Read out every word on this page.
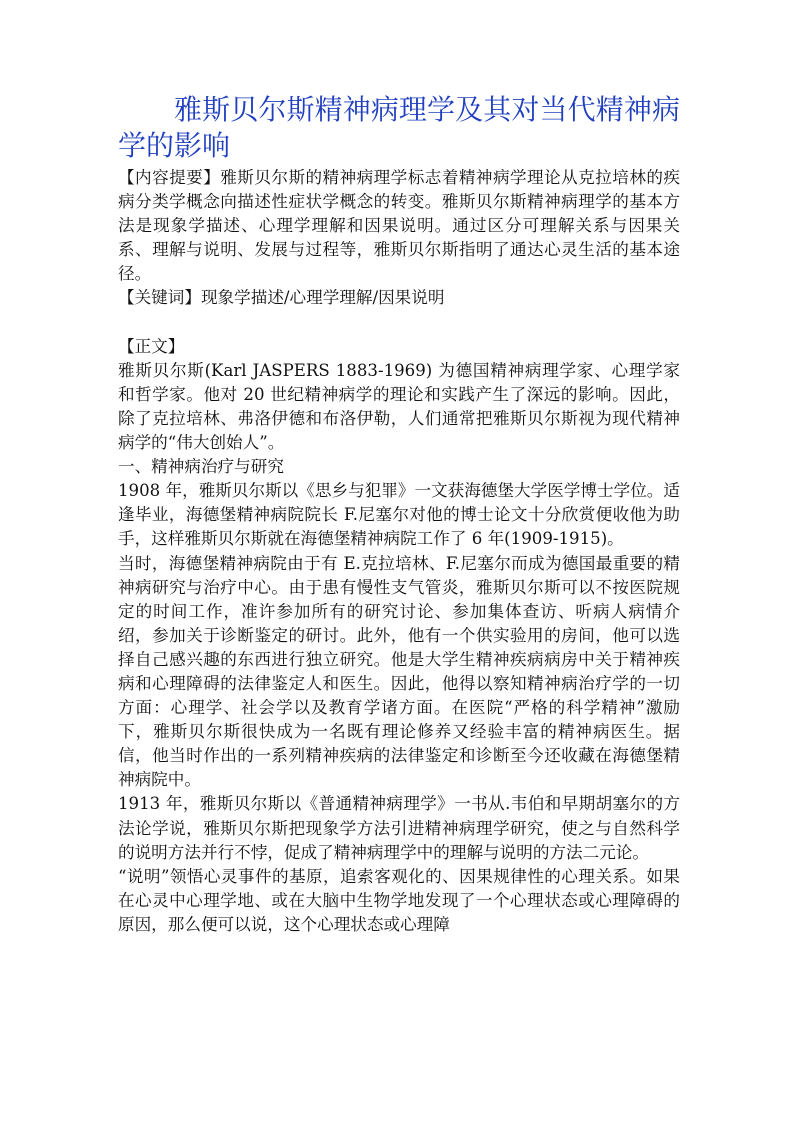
雅斯贝尔斯精神病理学及其对当代精神病学的影响

【内容提要】雅斯贝尔斯的精神病理学标志着精神病学理论从克拉培林的疾病分类学概念向描述性症状学概念的转变。雅斯贝尔斯精神病理学的基本方法是现象学描述、心理学理解和因果说明。通过区分可理解关系与因果关系、理解与说明、发展与过程等，雅斯贝尔斯指明了通达心灵生活的基本途径。

【关键词】现象学描述/心理学理解/因果说明

【正文】

雅斯贝尔斯(Karl JASPERS 1883-1969) 为德国精神病理学家、心理学家和哲学家。他对 20 世纪精神病学的理论和实践产生了深远的影响。因此，除了克拉培林、弗洛伊德和布洛伊勒，人们通常把雅斯贝尔斯视为现代精神病学的“伟大创始人”。

一、精神病治疗与研究

1908 年，雅斯贝尔斯以《思乡与犯罪》一文获海德堡大学医学博士学位。适逢毕业，海德堡精神病院院长 F.尼塞尔对他的博士论文十分欣赏便收他为助手，这样雅斯贝尔斯就在海德堡精神病院工作了 6 年(1909-1915)。

当时，海德堡精神病院由于有 E.克拉培林、F.尼塞尔而成为德国最重要的精神病研究与治疗中心。由于患有慢性支气管炎，雅斯贝尔斯可以不按医院规定的时间工作，准许参加所有的研究讨论、参加集体查访、听病人病情介绍，参加关于诊断鉴定的研讨。此外，他有一个供实验用的房间，他可以选择自己感兴趣的东西进行独立研究。他是大学生精神疾病病房中关于精神疾病和心理障碍的法律鉴定人和医生。因此，他得以察知精神病治疗学的一切方面：心理学、社会学以及教育学诸方面。在医院“严格的科学精神”激励下，雅斯贝尔斯很快成为一名既有理论修养又经验丰富的精神病医生。据信，他当时作出的一系列精神疾病的法律鉴定和诊断至今还收藏在海德堡精神病院中。

1913 年，雅斯贝尔斯以《普通精神病理学》一书从.韦伯和早期胡塞尔的方法论学说，雅斯贝尔斯把现象学方法引进精神病理学研究，使之与自然科学的说明方法并行不悖，促成了精神病理学中的理解与说明的方法二元论。

“说明”领悟心灵事件的基原，追索客观化的、因果规律性的心理关系。如果在心灵中心理学地、或在大脑中生物学地发现了一个心理状态或心理障碍的原因，那么便可以说，这个心理状态或心理障
